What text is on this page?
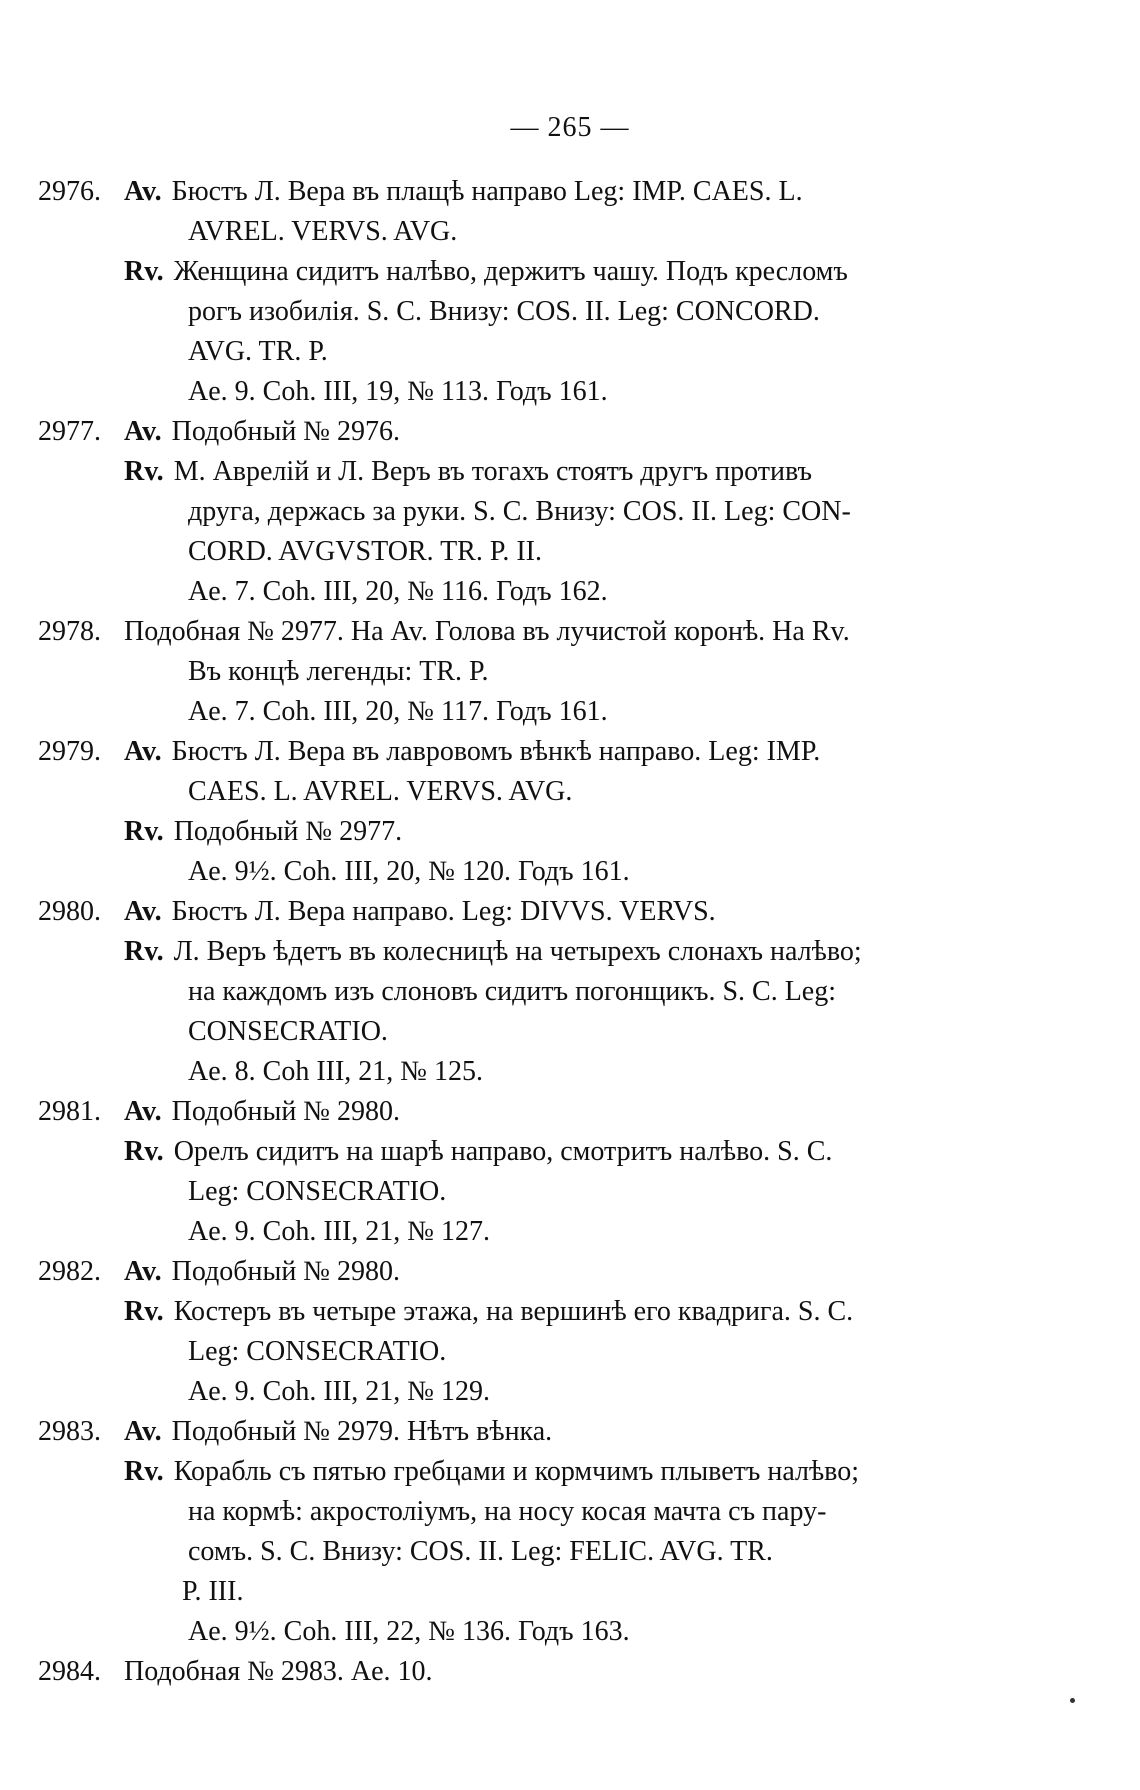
— 265 —
2976. Av. Бюстъ Л. Вера въ плащѣ направо Leg: IMP. CAES. L.
AVREL. VERVS. AVG.
Rv. Женщина сидитъ налѣво, держитъ чашу. Подъ кресломъ
рогъ изобилія. S. C. Внизу: COS. II. Leg: CONCORD.
AVG. TR. P.
Ae. 9. Coh. III, 19, № 113. Годъ 161.
2977. Av. Подобный № 2976.
Rv. М. Аврелій и Л. Веръ въ тогахъ стоятъ другъ противъ
друга, держась за руки. S. C. Внизу: COS. II. Leg: CON-
CORD. AVGVSTOR. TR. P. II.
Ae. 7. Coh. III, 20, № 116. Годъ 162.
2978. Подобная № 2977. На Av. Голова въ лучистой коронѣ. На Rv.
Въ концѣ легенды: TR. P.
Ae. 7. Coh. III, 20, № 117. Годъ 161.
2979. Av. Бюстъ Л. Вера въ лавровомъ вѣнкѣ направо. Leg: IMP.
CAES. L. AVREL. VERVS. AVG.
Rv. Подобный № 2977.
Ae. 9½. Coh. III, 20, № 120. Годъ 161.
2980. Av. Бюстъ Л. Вера направо. Leg: DIVVS. VERVS.
Rv. Л. Веръ ѣдетъ въ колесницѣ на четырехъ слонахъ налѣво;
на каждомъ изъ слоновъ сидитъ погонщикъ. S. C. Leg:
CONSECRATIO.
Ae. 8. Coh III, 21, № 125.
2981. Av. Подобный № 2980.
Rv. Орелъ сидитъ на шарѣ направо, смотритъ налѣво. S. C.
Leg: CONSECRATIO.
Ae. 9. Coh. III, 21, № 127.
2982. Av. Подобный № 2980.
Rv. Костеръ въ четыре этажа, на вершинѣ его квадрига. S. C.
Leg: CONSECRATIO.
Ae. 9. Coh. III, 21, № 129.
2983. Av. Подобный № 2979. Нѣтъ вѣнка.
Rv. Корабль съ пятью гребцами и кормчимъ плыветъ налѣво;
на кормѣ: акростоліумъ, на носу косая мачта съ пару-
сомъ. S. C. Внизу: COS. II. Leg: FELIC. AVG. TR.
P. III.
Ae. 9½. Coh. III, 22, № 136. Годъ 163.
2984. Подобная № 2983. Ae. 10.
